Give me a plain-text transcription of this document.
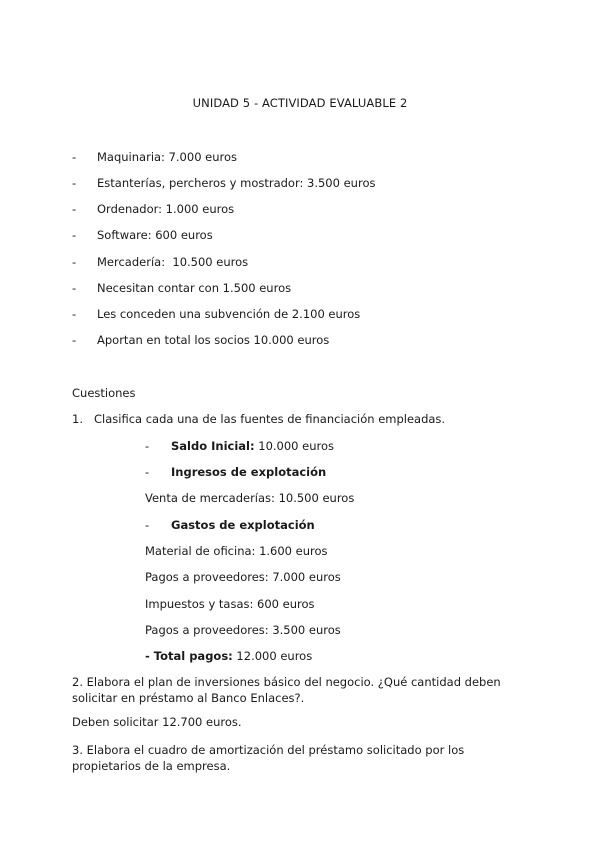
UNIDAD 5 - ACTIVIDAD EVALUABLE 2
- Maquinaria: 7.000 euros
- Estanterías, percheros y mostrador: 3.500 euros
- Ordenador: 1.000 euros
- Software: 600 euros
- Mercadería:  10.500 euros
- Necesitan contar con 1.500 euros
- Les conceden una subvención de 2.100 euros
- Aportan en total los socios 10.000 euros
Cuestiones
1. Clasifica cada una de las fuentes de financiación empleadas.
- Saldo Inicial: 10.000 euros
- Ingresos de explotación
Venta de mercaderías: 10.500 euros
- Gastos de explotación
Material de oficina: 1.600 euros
Pagos a proveedores: 7.000 euros
Impuestos y tasas: 600 euros
Pagos a proveedores: 3.500 euros
- Total pagos: 12.000 euros
2. Elabora el plan de inversiones básico del negocio. ¿Qué cantidad deben solicitar en préstamo al Banco Enlaces?.
Deben solicitar 12.700 euros.
3. Elabora el cuadro de amortización del préstamo solicitado por los propietarios de la empresa.
